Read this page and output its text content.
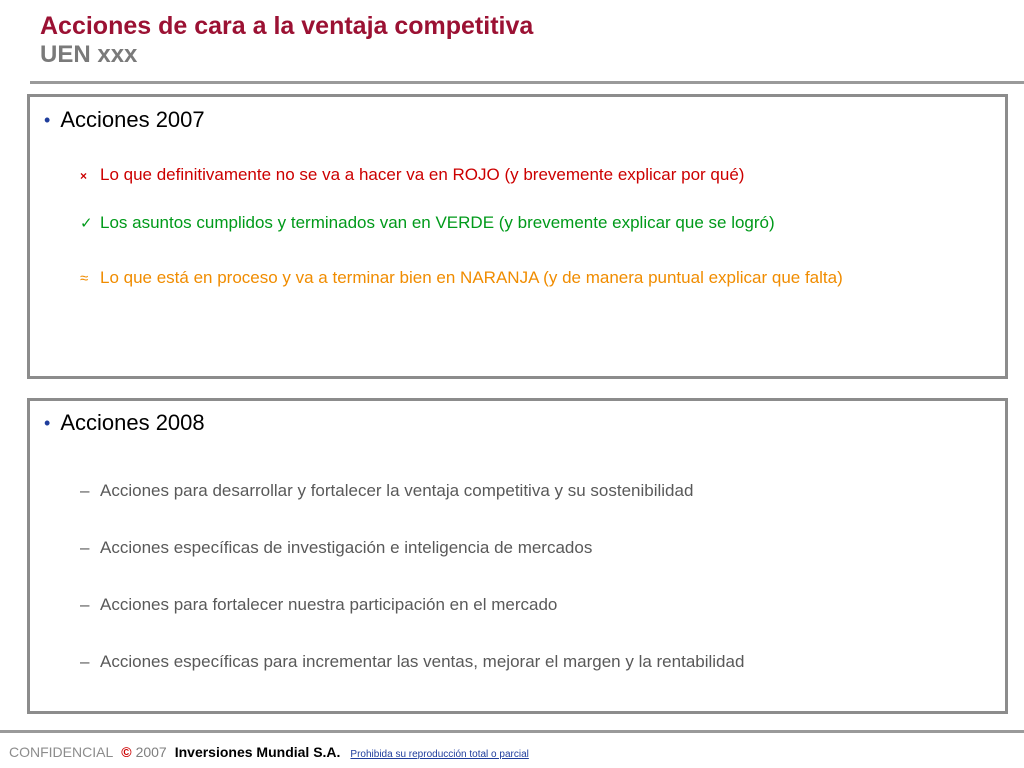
Acciones de cara a la ventaja competitiva

UEN xxx

• Acciones 2007
× Lo que definitivamente no se va a hacer va en ROJO (y brevemente explicar por qué)
✓ Los asuntos cumplidos y terminados van en VERDE (y brevemente explicar que se logró)
≈ Lo que está en proceso y va a terminar bien en NARANJA (y de manera puntual explicar que falta)
• Acciones 2008
– Acciones para desarrollar y fortalecer la ventaja competitiva y su sostenibilidad
– Acciones específicas de investigación e inteligencia de mercados
– Acciones para fortalecer nuestra participación en el mercado
– Acciones específicas para incrementar las ventas, mejorar el margen y la rentabilidad
CONFIDENCIAL © 2007 Inversiones Mundial S.A. Prohibida su reproducción total o parcial
